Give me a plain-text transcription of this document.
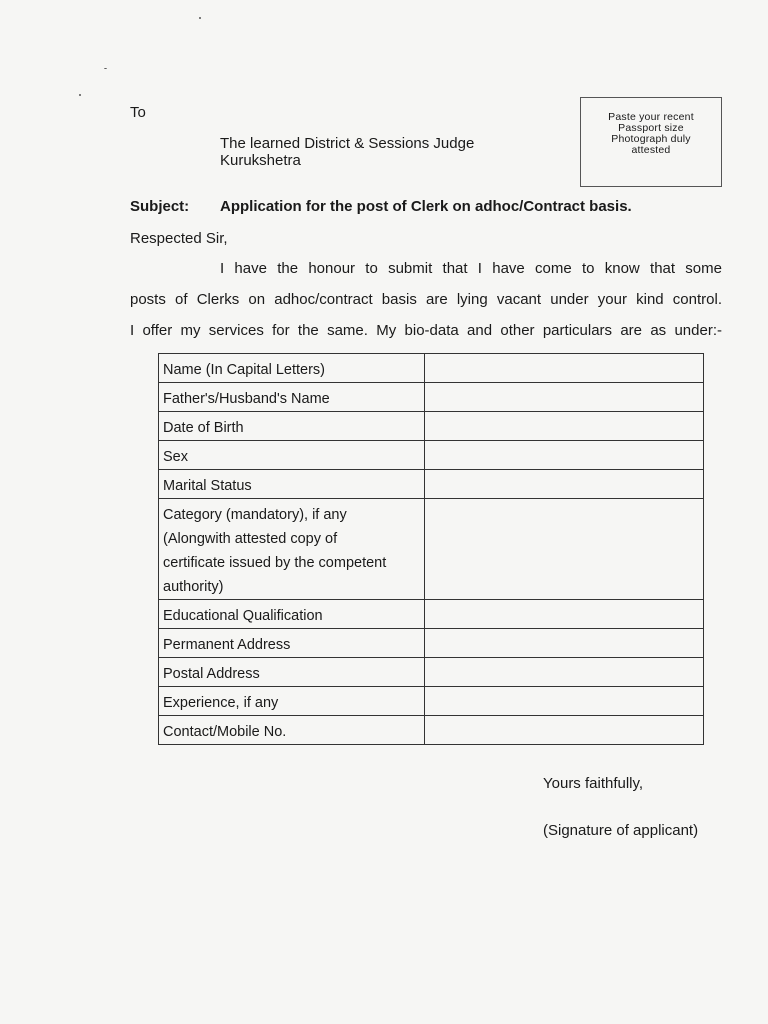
To
The learned District & Sessions Judge
Kurukshetra
Paste your recent
Passport size
Photograph duly
attested
Subject: Application for the post of Clerk on adhoc/Contract basis.
Respected Sir,
I have the honour to submit that I have come to know that some
posts of Clerks on adhoc/contract basis are lying vacant under your kind control.
I offer my services for the same. My bio-data and other particulars are as under:-
Name (In Capital Letters)	
Father's/Husband's Name	
Date of Birth	
Sex	
Marital Status	

Category (mandatory), if any
(Alongwith attested copy of
certificate issued by the competent
authority)	

Educational Qualification	
Permanent Address	
Postal Address	
Experience, if any	
Contact/Mobile No.	
Yours faithfully,
(Signature of applicant)
